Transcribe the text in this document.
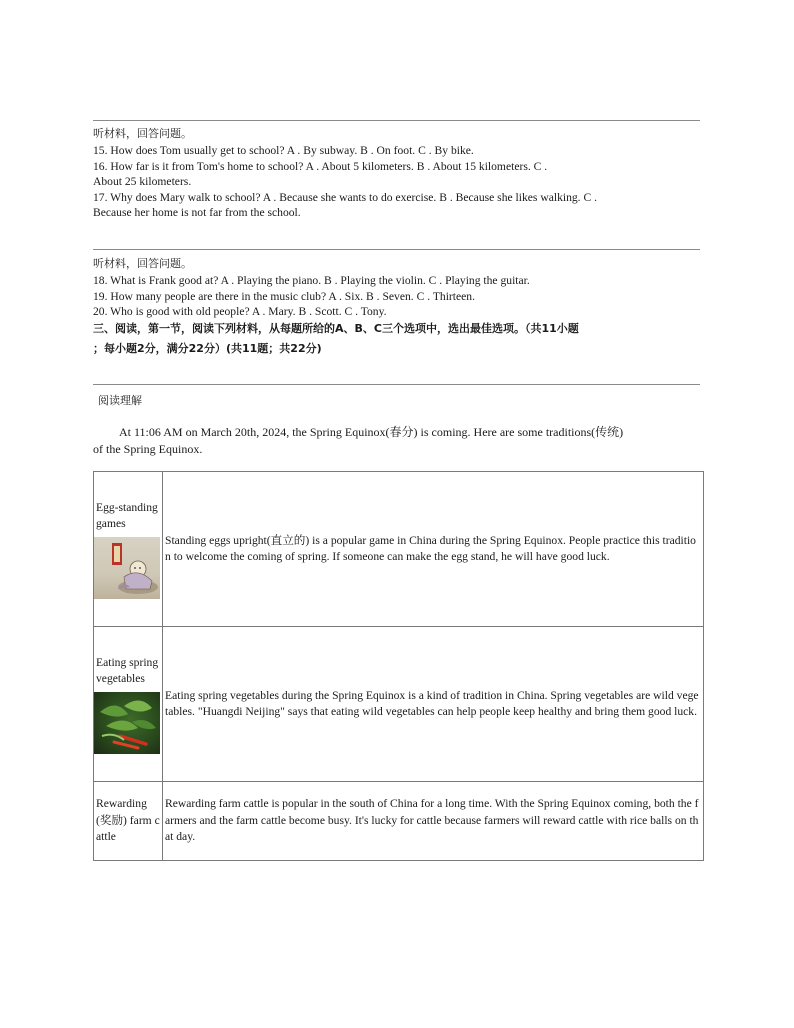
听材料，回答问题。

15. How does Tom usually get to school? A . By subway. B . On foot. C . By bike.

16. How far is it from Tom's home to school? A . About 5 kilometers. B . About 15 kilometers. C .

About 25 kilometers.

17. Why does Mary walk to school? A . Because she wants to do exercise. B . Because she likes walking. C .

Because her home is not far from the school.

听材料，回答问题。

18. What is Frank good at? A . Playing the piano. B . Playing the violin. C . Playing the guitar.

19. How many people are there in the music club? A . Six. B . Seven. C . Thirteen.

20. Who is good with old people? A . Mary. B . Scott. C . Tony.

三、阅读，第一节，阅读下列材料，从每题所给的A、B、C三个选项中，选出最佳选项。（共11小题

；每小题2分，满分22分）(共11题；共22分)

阅读理解

At 11:06 AM on March 20th, 2024, the Spring Equinox(春分) is coming. Here are some traditions(传统)

of the Spring Equinox.

Egg-standing games	Standing eggs upright(直立的) is a popular game in China during the Spring Equinox. People practice this tradition to welcome the coming of spring. If someone can make the egg stand, he will have good luck.
Eating spring vegetables	Eating spring vegetables during the Spring Equinox is a kind of tradition in China. Spring vegetables are wild vegetables. "Huangdi Neijing" says that eating wild vegetables can help people keep healthy and bring them good luck.
Rewarding(奖励) farm cattle	Rewarding farm cattle is popular in the south of China for a long time. With the Spring Equinox coming, both the farmers and the farm cattle become busy. It's lucky for cattle because farmers will reward cattle with rice balls on that day.
